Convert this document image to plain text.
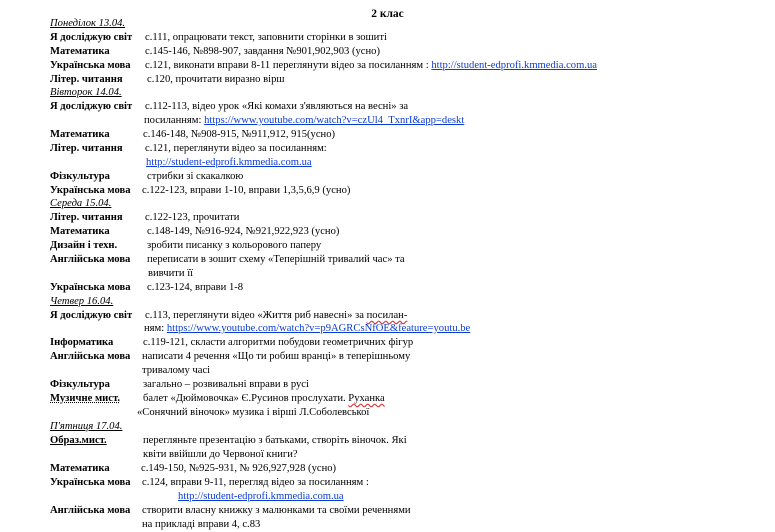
2 клас
Понеділок 13.04.
Я досліджую світ с.111, опрацювати текст, заповнити сторінки в зошиті
Математика	с.145-146, №898-907, завдання №901,902,903 (усно)
Українська мова с.121, виконати вправи 8-11 переглянути відео за посиланням : http://student-edprofi.kmmedia.com.ua
Літер. читання с.120, прочитати виразно вірш
Вівторок 14.04.
Я досліджую світ с.112-113, відео урок «Які комахи з'являються на весні» за
посиланням: https://www.youtube.com/watch?v=czUl4_TxnrI&app=deskt
Математика	с.146-148, №908-915, №911,912, 915(усно)
Літер. читання с.121, переглянути відео за посиланням:
http://student-edprofi.kmmedia.com.ua
Фізкультура	стрибки зі скакалкою
Українська мова с.122-123, вправи 1-10, вправи 1,3,5,6,9 (усно)
Середа 15.04.
Літер. читання с.122-123, прочитати
Математика	с.148-149, №916-924, №921,922,923 (усно)
Дизайн і техн.	зробити писанку з кольорового паперу
Англійська мова переписати в зошит схему «Теперішній тривалий час» та
вивчити її
Українська мова с.123-124, вправи 1-8
Четвер 16.04.
Я досліджую світ с.113, переглянути відео «Життя риб навесні» за посилан-
ням: https://www.youtube.com/watch?v=p9AGRCsNfOE&feature=youtu.be
Інформатика	с.119-121, скласти алгоритми побудови геометричних фігур
Англійська мова написати 4 речення «Що ти робиш вранці» в теперішньому
тривалому часі
Фізкультура	загально – розвивальні вправи в русі
Музичне мист. балет «Дюймовочка» Є.Русинов прослухати. Руханка
«Сонячний віночок» музика і вірші Л.Соболевської
П'ятниця 17.04.
Образ.мист.	перегляньте презентацію з батьками, створіть віночок. Які
квіти ввійшли до Червоної книги?
Математика	с.149-150, №925-931, № 926,927,928 (усно)
Українська мова с.124, вправи 9-11, перегляд відео за посиланням :
http://student-edprofi.kmmedia.com.ua
Англійська мова створити власну книжку з малюнками та своїми реченнями
на прикладі вправи 4, с.83
